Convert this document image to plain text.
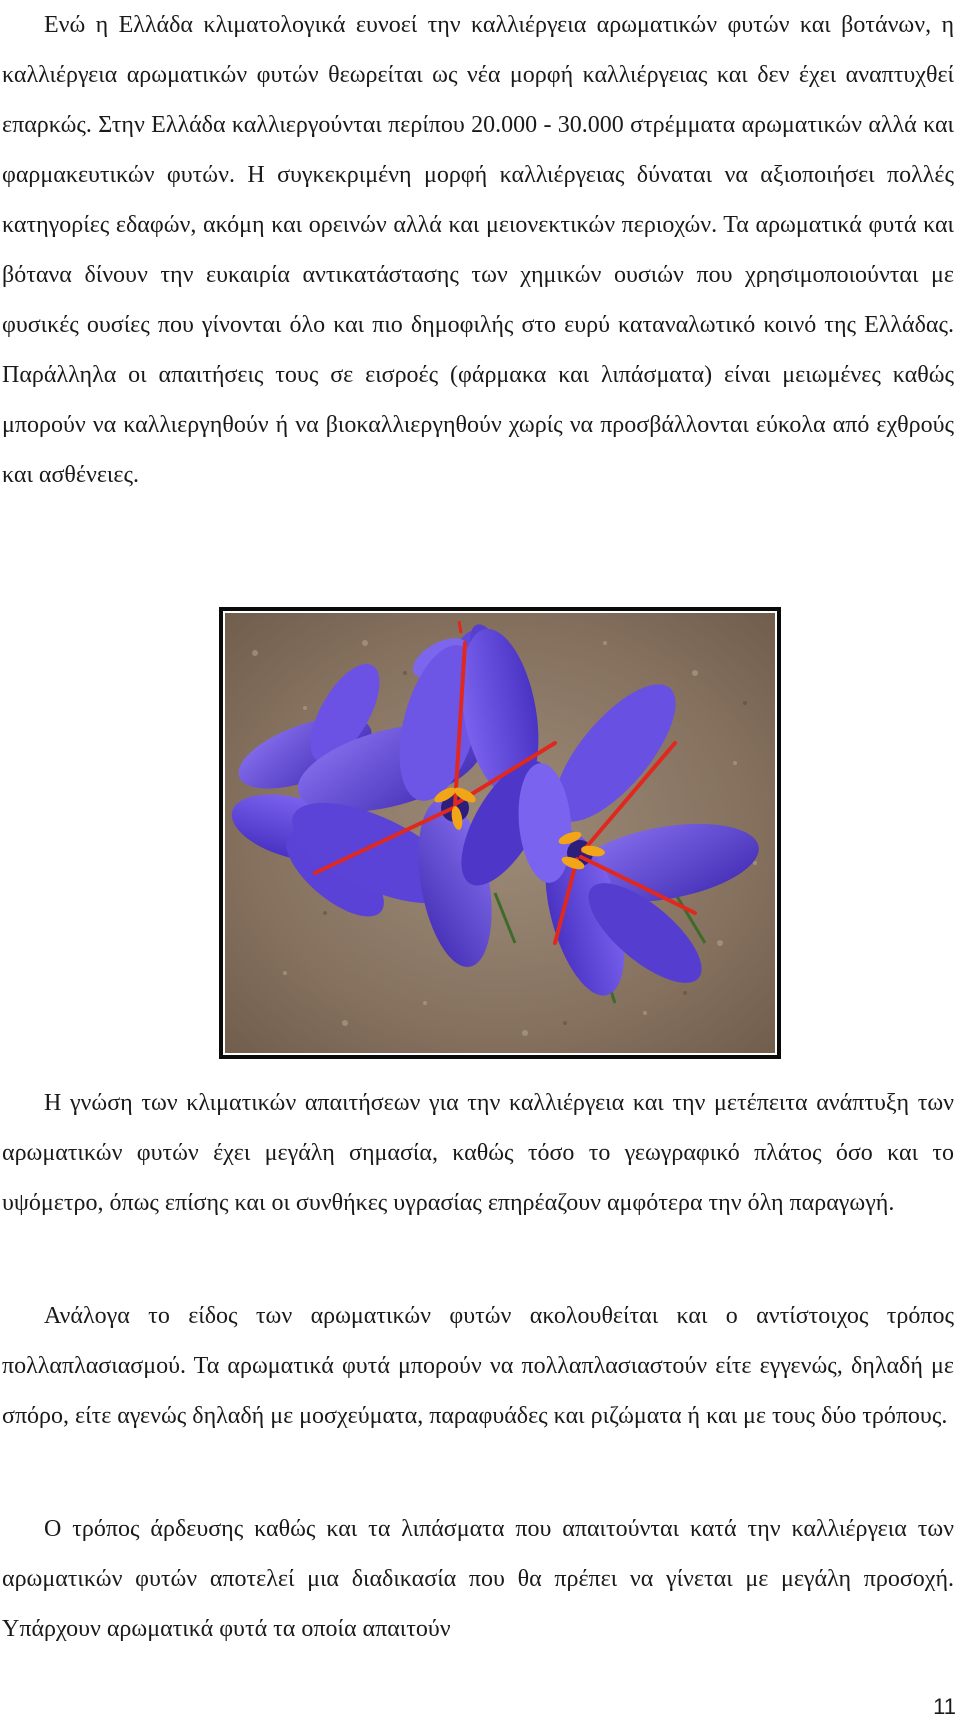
Ενώ η Ελλάδα κλιματολογικά ευνοεί την καλλιέργεια αρωματικών φυτών και βοτάνων, η καλλιέργεια αρωματικών φυτών θεωρείται ως νέα μορφή καλλιέργειας και δεν έχει αναπτυχθεί επαρκώς. Στην Ελλάδα καλλιεργούνται περίπου 20.000 - 30.000 στρέμματα αρωματικών αλλά και φαρμακευτικών φυτών. Η συγκεκριμένη μορφή καλλιέργειας δύναται να αξιοποιήσει πολλές κατηγορίες εδαφών, ακόμη και ορεινών αλλά και μειονεκτικών περιοχών. Τα αρωματικά φυτά και βότανα δίνουν την ευκαιρία αντικατάστασης των χημικών ουσιών που χρησιμοποιούνται με φυσικές ουσίες που γίνονται όλο και πιο δημοφιλής στο ευρύ καταναλωτικό κοινό της Ελλάδας. Παράλληλα οι απαιτήσεις τους σε εισροές (φάρμακα και λιπάσματα) είναι μειωμένες καθώς μπορούν να καλλιεργηθούν ή να βιοκαλλιεργηθούν χωρίς να προσβάλλονται εύκολα από εχθρούς και ασθένειες.

Η γνώση των κλιματικών απαιτήσεων για την καλλιέργεια και την μετέπειτα ανάπτυξη των αρωματικών φυτών έχει μεγάλη σημασία, καθώς τόσο το γεωγραφικό πλάτος όσο και το υψόμετρο, όπως επίσης και οι συνθήκες υγρασίας επηρέαζουν αμφότερα την όλη παραγωγή.

Ανάλογα το είδος των αρωματικών φυτών ακολουθείται και ο αντίστοιχος τρόπος πολλαπλασιασμού. Τα αρωματικά φυτά μπορούν να πολλαπλασιαστούν είτε εγγενώς, δηλαδή με σπόρο, είτε αγενώς δηλαδή με μοσχεύματα, παραφυάδες και ριζώματα ή και με τους δύο τρόπους.

Ο τρόπος άρδευσης καθώς και τα λιπάσματα που απαιτούνται κατά την καλλιέργεια των αρωματικών φυτών αποτελεί μια διαδικασία που θα πρέπει να γίνεται με μεγάλη προσοχή. Υπάρχουν αρωματικά φυτά τα οποία απαιτούν

11
